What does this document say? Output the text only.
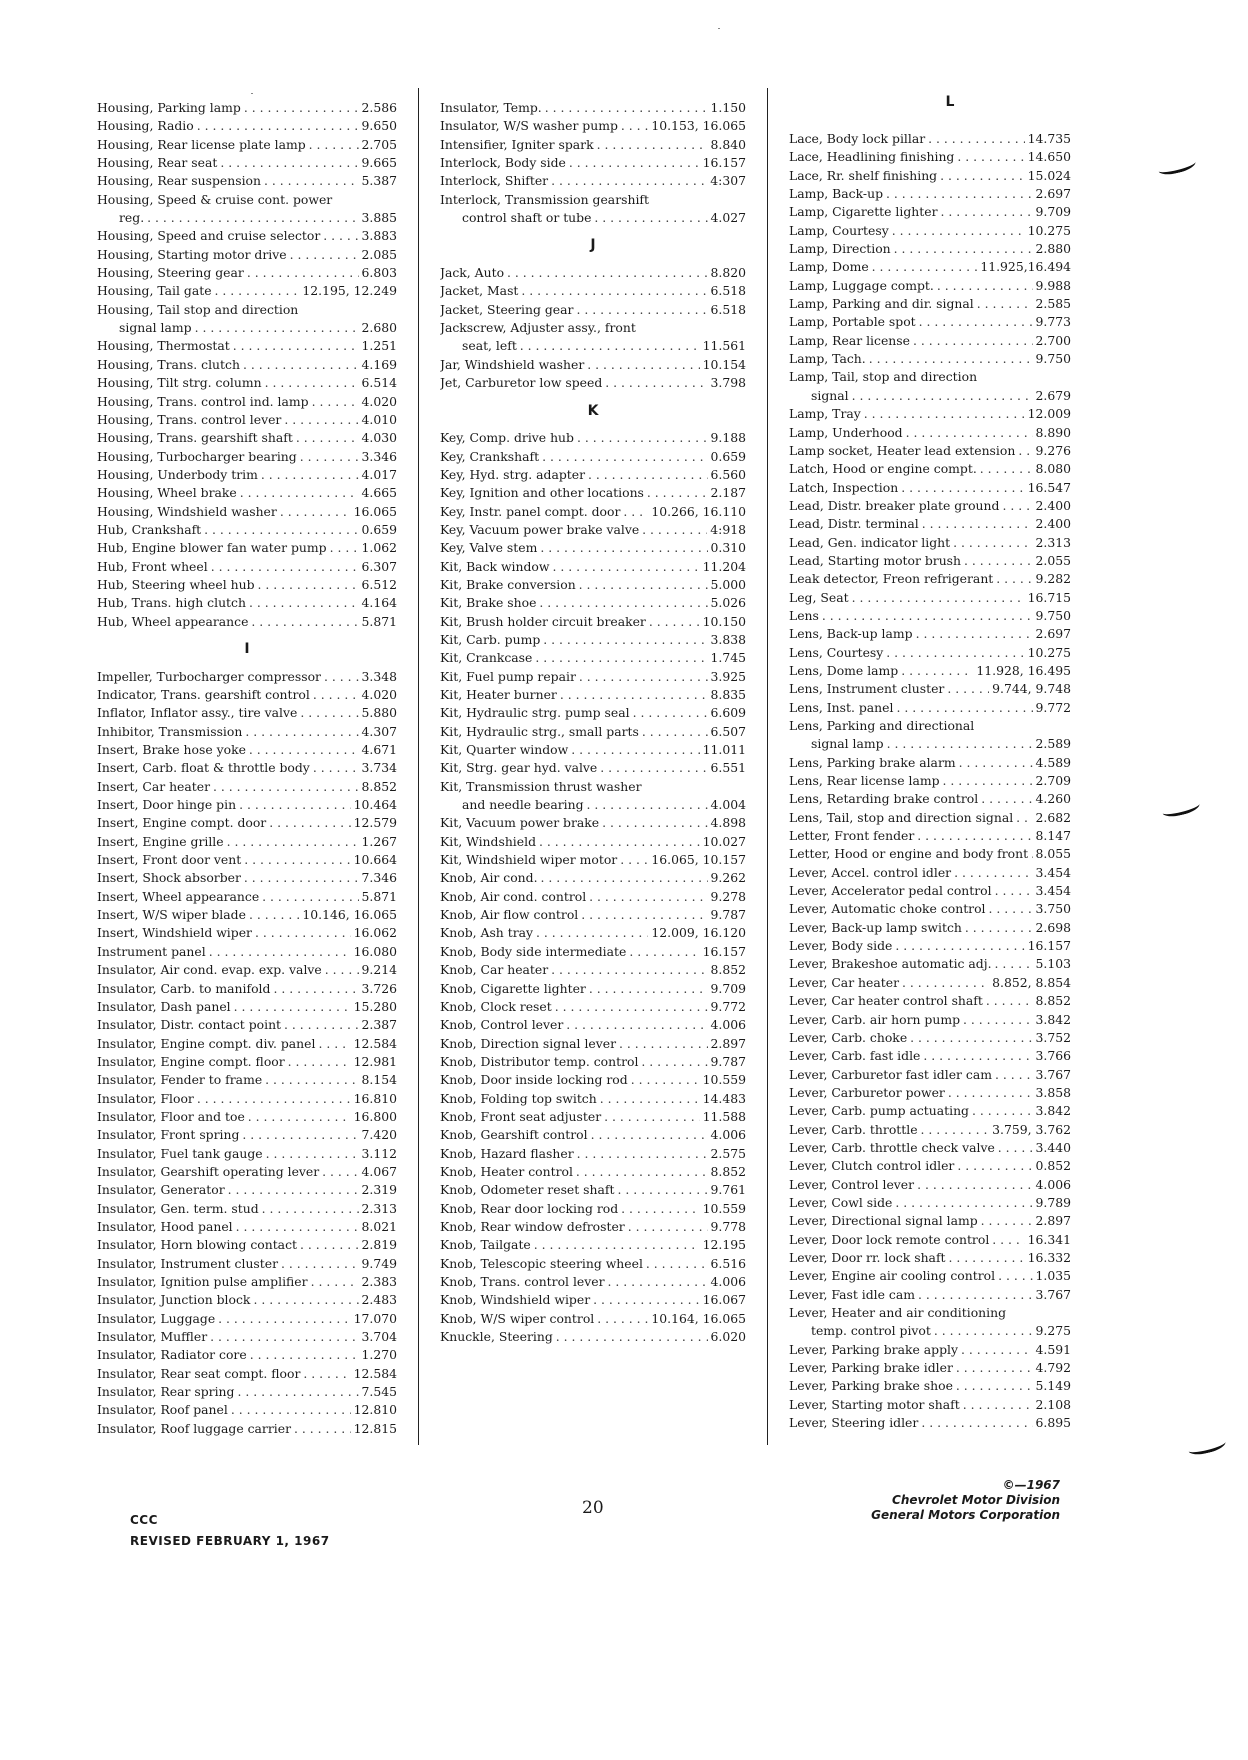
Housing, Parking lamp . . .	2.586
Housing, Radio . . .	9.650
Housing, Rear license plate lamp . . .	2.705
Housing, Rear seat . . .	9.665
Housing, Rear suspension . . .	5.387
Housing, Speed & cruise cont. power
reg. . . .	3.885
Housing, Speed and cruise selector . . .	3.883
Housing, Starting motor drive . . .	2.085
Housing, Steering gear . . .	6.803
Housing, Tail gate . . .	12.195, 12.249
Housing, Tail stop and direction
signal lamp . . .	2.680
Housing, Thermostat . . .	1.251
Housing, Trans. clutch . . .	4.169
Housing, Tilt strg. column . . .	6.514
Housing, Trans. control ind. lamp . . .	4.020
Housing, Trans. control lever . . .	4.010
Housing, Trans. gearshift shaft . . .	4.030
Housing, Turbocharger bearing . . .	3.346
Housing, Underbody trim . . .	4.017
Housing, Wheel brake . . .	4.665
Housing, Windshield washer . . .	16.065
Hub, Crankshaft . . .	0.659
Hub, Engine blower fan water pump . . .	1.062
Hub, Front wheel . . .	6.307
Hub, Steering wheel hub . . .	6.512
Hub, Trans. high clutch . . .	4.164
Hub, Wheel appearance . . .	5.871
I
Impeller, Turbocharger compressor . . .	3.348
Indicator, Trans. gearshift control . . .	4.020
Inflator, Inflator assy., tire valve . . .	5.880
Inhibitor, Transmission . . .	4.307
Insert, Brake hose yoke . . .	4.671
Insert, Carb. float & throttle body . . .	3.734
Insert, Car heater . . .	8.852
Insert, Door hinge pin . . .	10.464
Insert, Engine compt. door . . .	12.579
Insert, Engine grille . . .	1.267
Insert, Front door vent . . .	10.664
Insert, Shock absorber . . .	7.346
Insert, Wheel appearance . . .	5.871
Insert, W/S wiper blade . . .	10.146, 16.065
Insert, Windshield wiper . . .	16.062
Instrument panel . . .	16.080
Insulator, Air cond. evap. exp. valve . . .	9.214
Insulator, Carb. to manifold . . .	3.726
Insulator, Dash panel . . .	15.280
Insulator, Distr. contact point . . .	2.387
Insulator, Engine compt. div. panel . . .	12.584
Insulator, Engine compt. floor . . .	12.981
Insulator, Fender to frame . . .	8.154
Insulator, Floor . . .	16.810
Insulator, Floor and toe . . .	16.800
Insulator, Front spring . . .	7.420
Insulator, Fuel tank gauge . . .	3.112
Insulator, Gearshift operating lever . . .	4.067
Insulator, Generator . . .	2.319
Insulator, Gen. term. stud . . .	2.313
Insulator, Hood panel . . .	8.021
Insulator, Horn blowing contact . . .	2.819
Insulator, Instrument cluster . . .	9.749
Insulator, Ignition pulse amplifier . . .	2.383
Insulator, Junction block . . .	2.483
Insulator, Luggage . . .	17.070
Insulator, Muffler . . .	3.704
Insulator, Radiator core . . .	1.270
Insulator, Rear seat compt. floor . . .	12.584
Insulator, Rear spring . . .	7.545
Insulator, Roof panel . . .	12.810
Insulator, Roof luggage carrier . . .	12.815
Insulator, Temp. . . .	1.150
Insulator, W/S washer pump . . .	10.153, 16.065
Intensifier, Igniter spark . . .	8.840
Interlock, Body side . . .	16.157
Interlock, Shifter . . .	4:307
Interlock, Transmission gearshift
control shaft or tube . . .	4.027
J
Jack, Auto . . .	8.820
Jacket, Mast . . .	6.518
Jacket, Steering gear . . .	6.518
Jackscrew, Adjuster assy., front
seat, left . . .	11.561
Jar, Windshield washer . . .	10.154
Jet, Carburetor low speed . . .	3.798
K
Key, Comp. drive hub . . .	9.188
Key, Crankshaft . . .	0.659
Key, Hyd. strg. adapter . . .	6.560
Key, Ignition and other locations . . .	2.187
Key, Instr. panel compt. door . . .	10.266, 16.110
Key, Vacuum power brake valve . . .	4:918
Key, Valve stem . . .	0.310
Kit, Back window . . .	11.204
Kit, Brake conversion . . .	5.000
Kit, Brake shoe . . .	5.026
Kit, Brush holder circuit breaker . . .	10.150
Kit, Carb. pump . . .	3.838
Kit, Crankcase . . .	1.745
Kit, Fuel pump repair . . .	3.925
Kit, Heater burner . . .	8.835
Kit, Hydraulic strg. pump seal . . .	6.609
Kit, Hydraulic strg., small parts . . .	6.507
Kit, Quarter window . . .	11.011
Kit, Strg. gear hyd. valve . . .	6.551
Kit, Transmission thrust washer
and needle bearing . . .	4.004
Kit, Vacuum power brake . . .	4.898
Kit, Windshield . . .	10.027
Kit, Windshield wiper motor . . .	16.065, 10.157
Knob, Air cond. . . .	9.262
Knob, Air cond. control . . .	9.278
Knob, Air flow control . . .	9.787
Knob, Ash tray . . .	12.009, 16.120
Knob, Body side intermediate . . .	16.157
Knob, Car heater . . .	8.852
Knob, Cigarette lighter . . .	9.709
Knob, Clock reset . . .	9.772
Knob, Control lever . . .	4.006
Knob, Direction signal lever . . .	2.897
Knob, Distributor temp. control . . .	9.787
Knob, Door inside locking rod . . .	10.559
Knob, Folding top switch . . .	14.483
Knob, Front seat adjuster . . .	11.588
Knob, Gearshift control . . .	4.006
Knob, Hazard flasher . . .	2.575
Knob, Heater control . . .	8.852
Knob, Odometer reset shaft . . .	9.761
Knob, Rear door locking rod . . .	10.559
Knob, Rear window defroster . . .	9.778
Knob, Tailgate . . .	12.195
Knob, Telescopic steering wheel . . .	6.516
Knob, Trans. control lever . . .	4.006
Knob, Windshield wiper . . .	16.067
Knob, W/S wiper control . . .	10.164, 16.065
Knuckle, Steering . . .	6.020
L
Lace, Body lock pillar . . .	14.735
Lace, Headlining finishing . . .	14.650
Lace, Rr. shelf finishing . . .	15.024
Lamp, Back-up . . .	2.697
Lamp, Cigarette lighter . . .	9.709
Lamp, Courtesy . . .	10.275
Lamp, Direction . . .	2.880
Lamp, Dome . . .	11.925,16.494
Lamp, Luggage compt. . . .	9.988
Lamp, Parking and dir. signal . . .	2.585
Lamp, Portable spot . . .	9.773
Lamp, Rear license . . .	2.700
Lamp, Tach. . . .	9.750
Lamp, Tail, stop and direction
signal . . .	2.679
Lamp, Tray . . .	12.009
Lamp, Underhood . . .	8.890
Lamp socket, Heater lead extension . . . 9.276
Latch, Hood or engine compt. . . .	8.080
Latch, Inspection . . .	16.547
Lead, Distr. breaker plate ground . . .	2.400
Lead, Distr. terminal . . .	2.400
Lead, Gen. indicator light . . .	2.313
Lead, Starting motor brush . . .	2.055
Leak detector, Freon refrigerant . . .	9.282
Leg, Seat . . .	16.715
Lens . . .	9.750
Lens, Back-up lamp . . .	2.697
Lens, Courtesy . . .	10.275
Lens, Dome lamp . . .	11.928, 16.495
Lens, Instrument cluster . . .	9.744, 9.748
Lens, Inst. panel . . .	9.772
Lens, Parking and directional
signal lamp . . .	2.589
Lens, Parking brake alarm . . .	4.589
Lens, Rear license lamp . . .	2.709
Lens, Retarding brake control . . .	4.260
Lens, Tail, stop and direction signal . . . 2.682
Letter, Front fender . . .	8.147
Letter, Hood or engine and body front . . . 8.055
Lever, Accel. control idler . . .	3.454
Lever, Accelerator pedal control . . .	3.454
Lever, Automatic choke control . . .	3.750
Lever, Back-up lamp switch . . .	2.698
Lever, Body side . . .	16.157
Lever, Brakeshoe automatic adj. . . .	5.103
Lever, Car heater . . .	8.852, 8.854
Lever, Car heater control shaft . . .	8.852
Lever, Carb. air horn pump . . .	3.842
Lever, Carb. choke . . .	3.752
Lever, Carb. fast idle . . .	3.766
Lever, Carburetor fast idler cam . . .	3.767
Lever, Carburetor power . . .	3.858
Lever, Carb. pump actuating . . .	3.842
Lever, Carb. throttle . . .	3.759, 3.762
Lever, Carb. throttle check valve . . .	3.440
Lever, Clutch control idler . . .	0.852
Lever, Control lever . . .	4.006
Lever, Cowl side . . .	9.789
Lever, Directional signal lamp . . .	2.897
Lever, Door lock remote control . . .	16.341
Lever, Door rr. lock shaft . . .	16.332
Lever, Engine air cooling control . . .	1.035
Lever, Fast idle cam . . .	3.767
Lever, Heater and air conditioning
temp. control pivot . . .	9.275
Lever, Parking brake apply . . .	4.591
Lever, Parking brake idler . . .	4.792
Lever, Parking brake shoe . . .	5.149
Lever, Starting motor shaft . . .	2.108
Lever, Steering idler . . .	6.895
CCC
REVISED FEBRUARY 1, 1967
20
©—1967
Chevrolet Motor Division
General Motors Corporation
